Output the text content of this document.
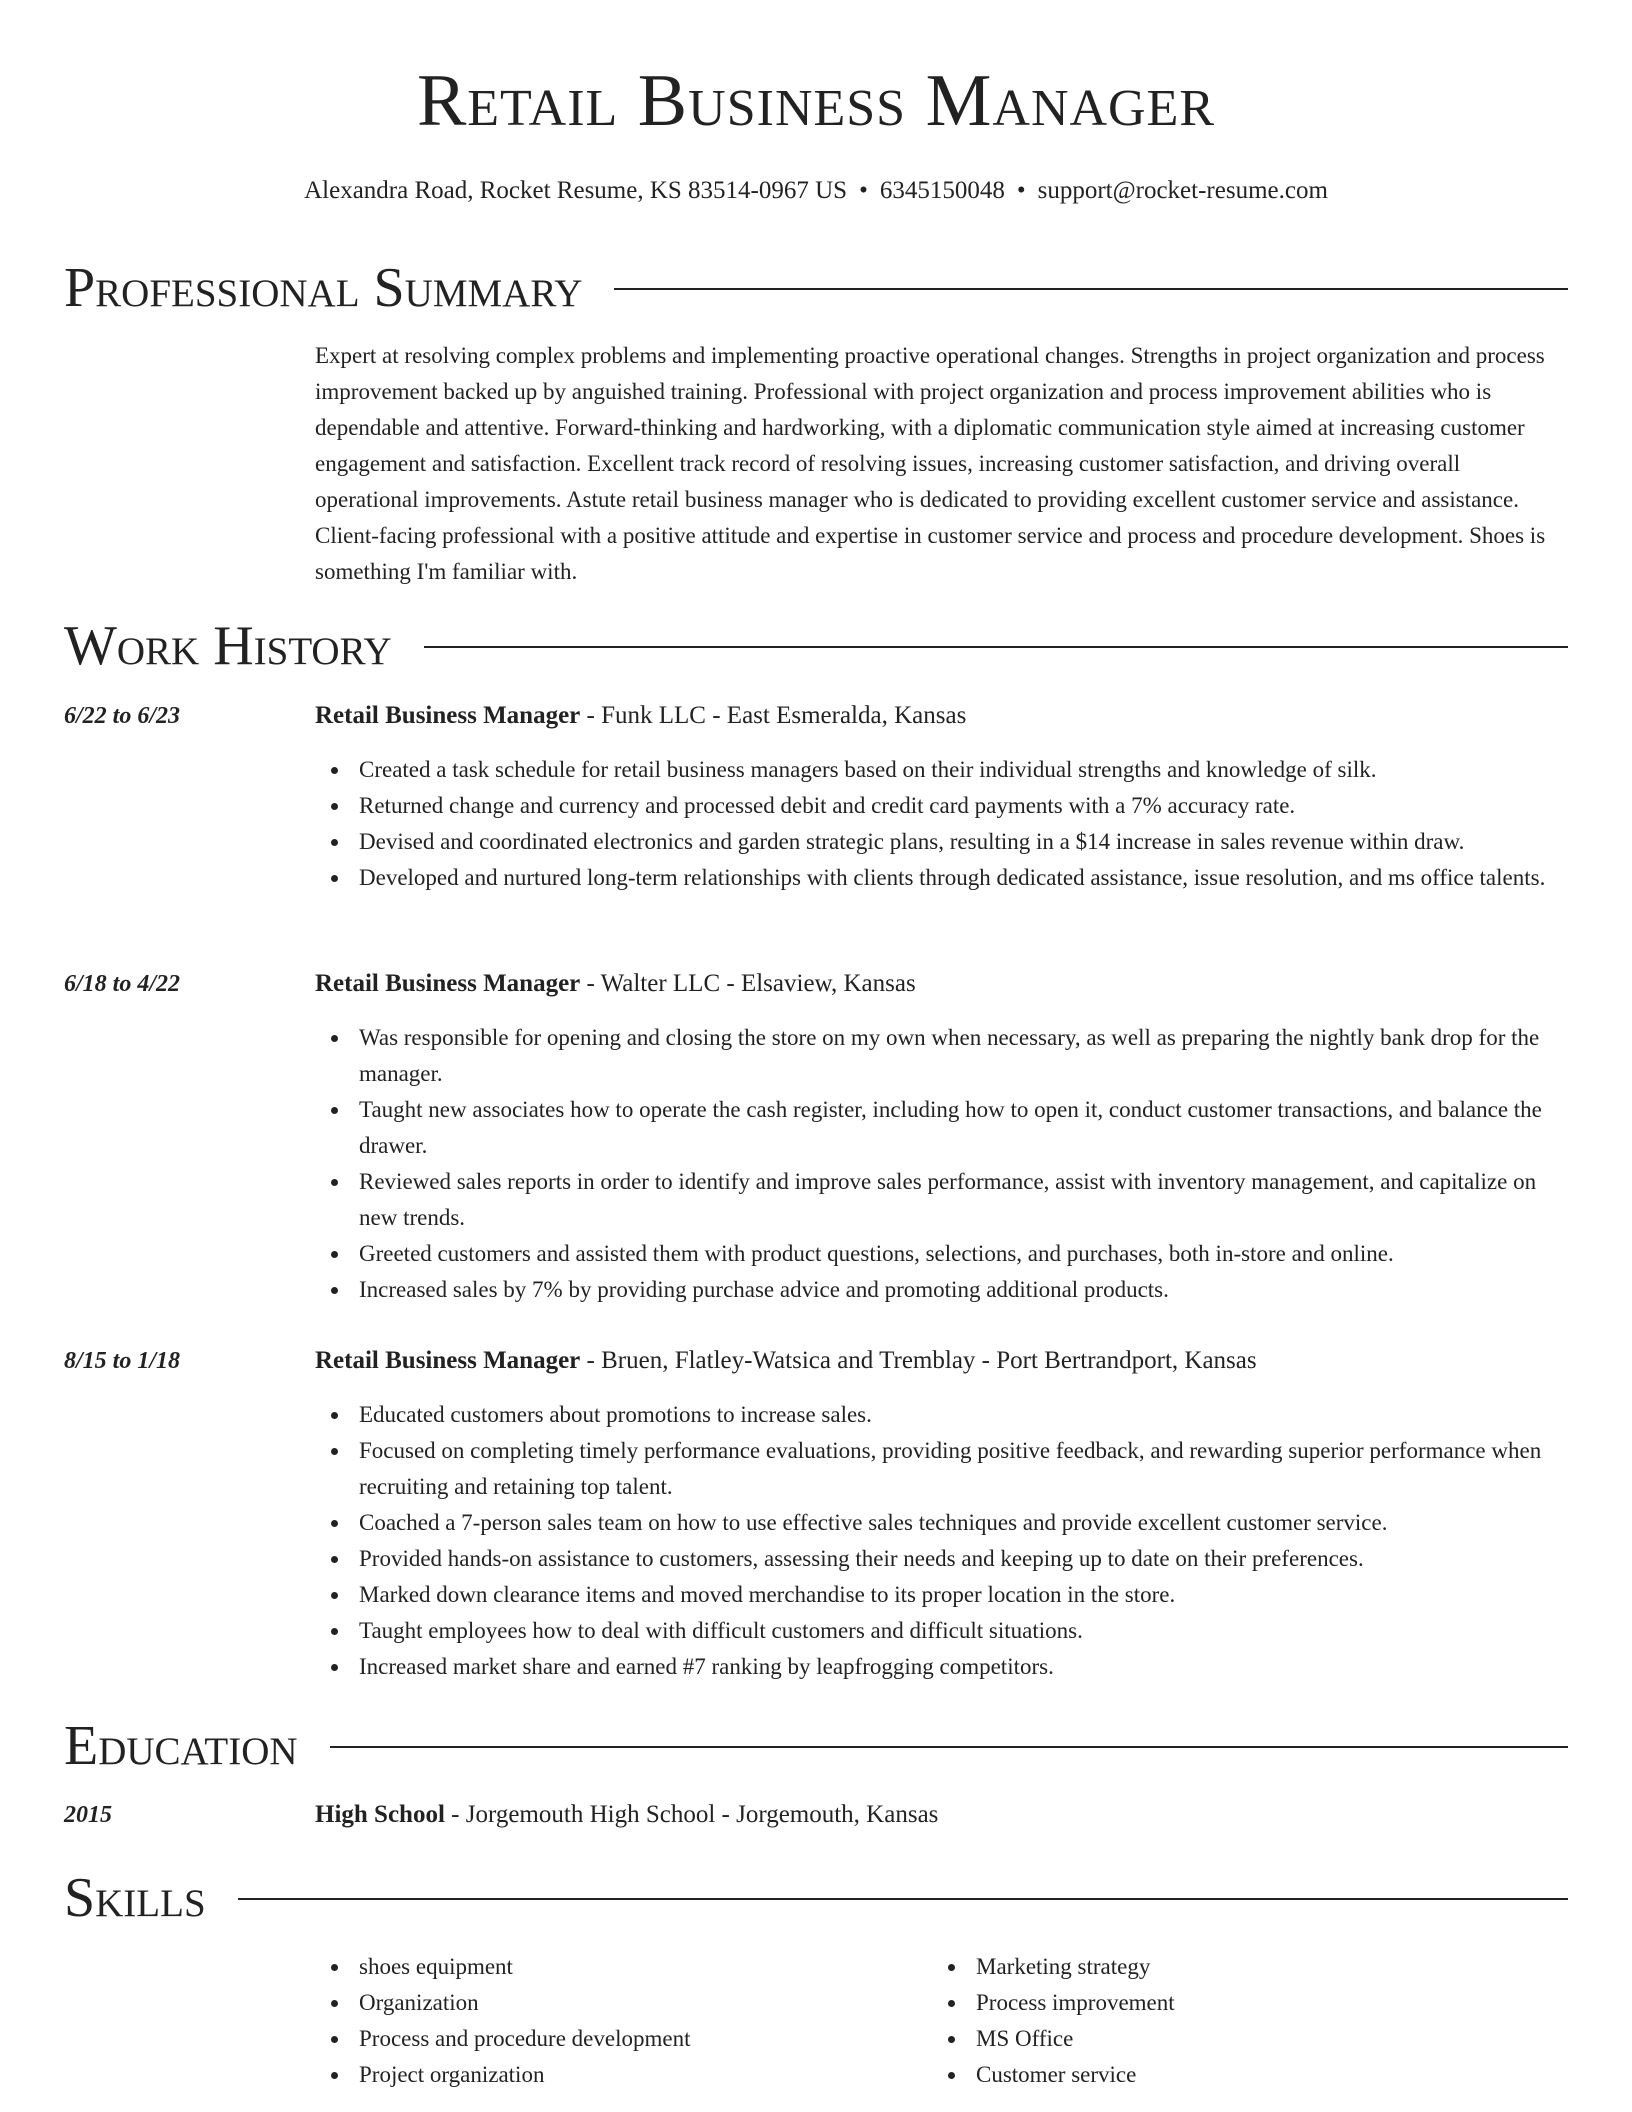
Retail Business Manager
Alexandra Road, Rocket Resume, KS 83514-0967 US • 6345150048 • support@rocket-resume.com
Professional Summary
Expert at resolving complex problems and implementing proactive operational changes. Strengths in project organization and process improvement backed up by anguished training. Professional with project organization and process improvement abilities who is dependable and attentive. Forward-thinking and hardworking, with a diplomatic communication style aimed at increasing customer engagement and satisfaction. Excellent track record of resolving issues, increasing customer satisfaction, and driving overall operational improvements. Astute retail business manager who is dedicated to providing excellent customer service and assistance. Client-facing professional with a positive attitude and expertise in customer service and process and procedure development. Shoes is something I'm familiar with.
Work History
6/22 to 6/23	Retail Business Manager - Funk LLC - East Esmeralda, Kansas
Created a task schedule for retail business managers based on their individual strengths and knowledge of silk.
Returned change and currency and processed debit and credit card payments with a 7% accuracy rate.
Devised and coordinated electronics and garden strategic plans, resulting in a $14 increase in sales revenue within draw.
Developed and nurtured long-term relationships with clients through dedicated assistance, issue resolution, and ms office talents.
6/18 to 4/22	Retail Business Manager - Walter LLC - Elsaview, Kansas
Was responsible for opening and closing the store on my own when necessary, as well as preparing the nightly bank drop for the manager.
Taught new associates how to operate the cash register, including how to open it, conduct customer transactions, and balance the drawer.
Reviewed sales reports in order to identify and improve sales performance, assist with inventory management, and capitalize on new trends.
Greeted customers and assisted them with product questions, selections, and purchases, both in-store and online.
Increased sales by 7% by providing purchase advice and promoting additional products.
8/15 to 1/18	Retail Business Manager - Bruen, Flatley-Watsica and Tremblay - Port Bertrandport, Kansas
Educated customers about promotions to increase sales.
Focused on completing timely performance evaluations, providing positive feedback, and rewarding superior performance when recruiting and retaining top talent.
Coached a 7-person sales team on how to use effective sales techniques and provide excellent customer service.
Provided hands-on assistance to customers, assessing their needs and keeping up to date on their preferences.
Marked down clearance items and moved merchandise to its proper location in the store.
Taught employees how to deal with difficult customers and difficult situations.
Increased market share and earned #7 ranking by leapfrogging competitors.
Education
2015	High School - Jorgemouth High School - Jorgemouth, Kansas
Skills
shoes equipment
Organization
Process and procedure development
Project organization
Marketing strategy
Process improvement
MS Office
Customer service
